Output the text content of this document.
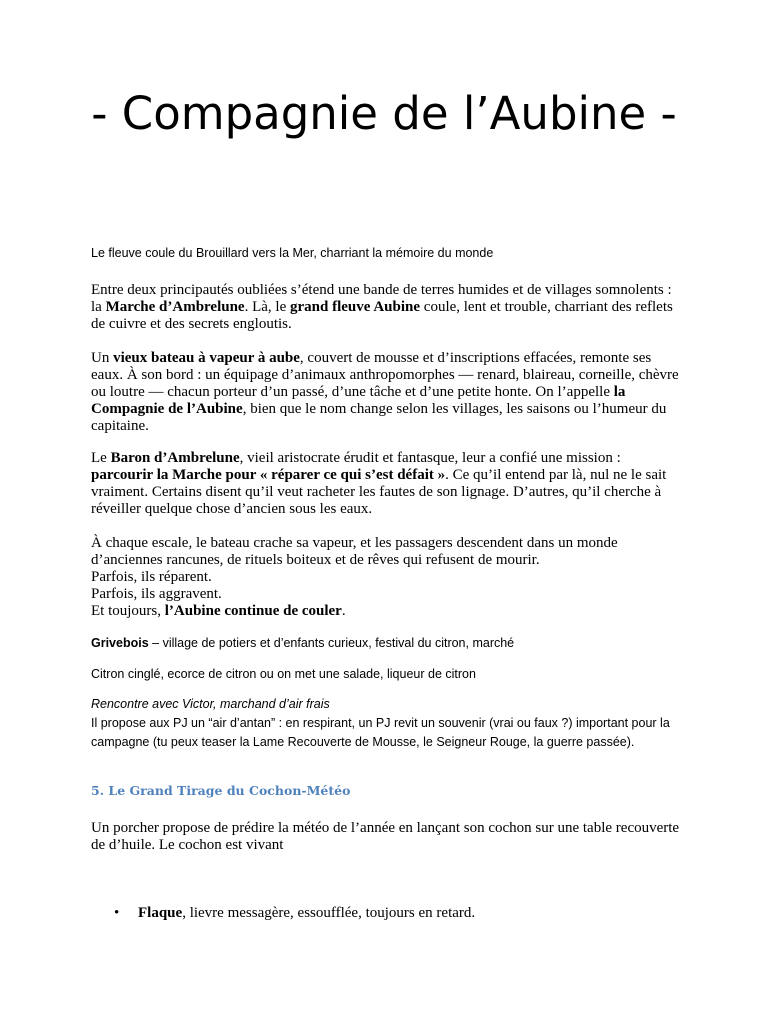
- Compagnie de l’Aubine -

Le fleuve coule du Brouillard vers la Mer, charriant la mémoire du monde

Entre deux principautés oubliées s’étend une bande de terres humides et de villages somnolents : la Marche d’Ambrelune. Là, le grand fleuve Aubine coule, lent et trouble, charriant des reflets de cuivre et des secrets engloutis.

Un vieux bateau à vapeur à aube, couvert de mousse et d’inscriptions effacées, remonte ses eaux. À son bord : un équipage d’animaux anthropomorphes — renard, blaireau, corneille, chèvre ou loutre — chacun porteur d’un passé, d’une tâche et d’une petite honte. On l’appelle la Compagnie de l’Aubine, bien que le nom change selon les villages, les saisons ou l’humeur du capitaine.

Le Baron d’Ambrelune, vieil aristocrate érudit et fantasque, leur a confié une mission : parcourir la Marche pour « réparer ce qui s’est défait ». Ce qu’il entend par là, nul ne le sait vraiment. Certains disent qu’il veut racheter les fautes de son lignage. D’autres, qu’il cherche à réveiller quelque chose d’ancien sous les eaux.

À chaque escale, le bateau crache sa vapeur, et les passagers descendent dans un monde d’anciennes rancunes, de rituels boiteux et de rêves qui refusent de mourir.
Parfois, ils réparent.
Parfois, ils aggravent.
Et toujours, l’Aubine continue de couler.

Grivebois – village de potiers et d’enfants curieux, festival du citron, marché

Citron cinglé, ecorce de citron ou on met une salade, liqueur de citron

Rencontre avec Victor, marchand d’air frais
Il propose aux PJ un “air d’antan” : en respirant, un PJ revit un souvenir (vrai ou faux ?) important pour la campagne (tu peux teaser la Lame Recouverte de Mousse, le Seigneur Rouge, la guerre passée).
5. Le Grand Tirage du Cochon-Météo

Un porcher propose de prédire la météo de l’année en lançant son cochon sur une table recouverte de d’huile. Le cochon est vivant

• Flaque, lievre messagère, essoufflée, toujours en retard.
